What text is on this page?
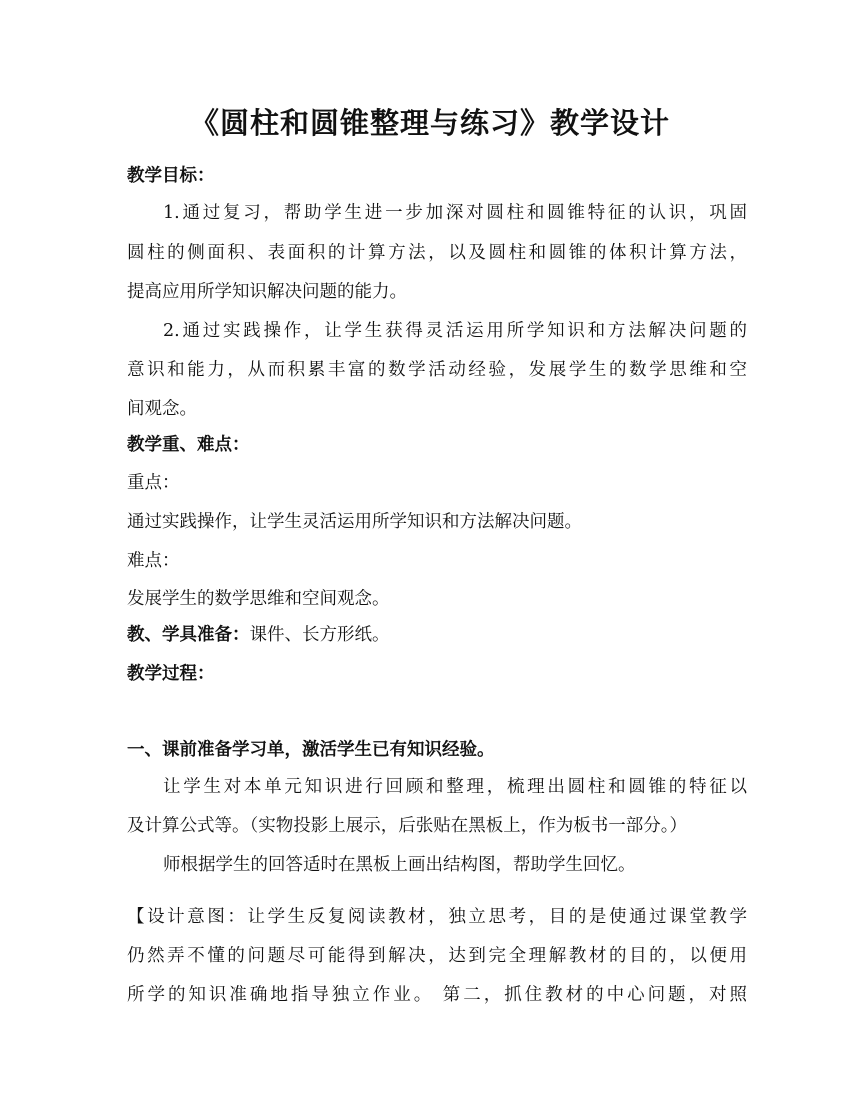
《圆柱和圆锥整理与练习》教学设计
教学目标：
1.通过复习，帮助学生进一步加深对圆柱和圆锥特征的认识，巩固
圆柱的侧面积、表面积的计算方法，以及圆柱和圆锥的体积计算方法，
提高应用所学知识解决问题的能力。
2.通过实践操作，让学生获得灵活运用所学知识和方法解决问题的
意识和能力，从而积累丰富的数学活动经验，发展学生的数学思维和空
间观念。
教学重、难点：
重点：
通过实践操作，让学生灵活运用所学知识和方法解决问题。
难点：
发展学生的数学思维和空间观念。
教、学具准备：课件、长方形纸。
教学过程：
一、课前准备学习单，激活学生已有知识经验。
让学生对本单元知识进行回顾和整理，梳理出圆柱和圆锥的特征以
及计算公式等。（实物投影上展示，后张贴在黑板上，作为板书一部分。）
师根据学生的回答适时在黑板上画出结构图，帮助学生回忆。
【设计意图：让学生反复阅读教材，独立思考，目的是使通过课堂教学
仍然弄不懂的问题尽可能得到解决，达到完全理解教材的目的，以便用
所学的知识准确地指导独立作业。 第二，抓住教材的中心问题，对照
